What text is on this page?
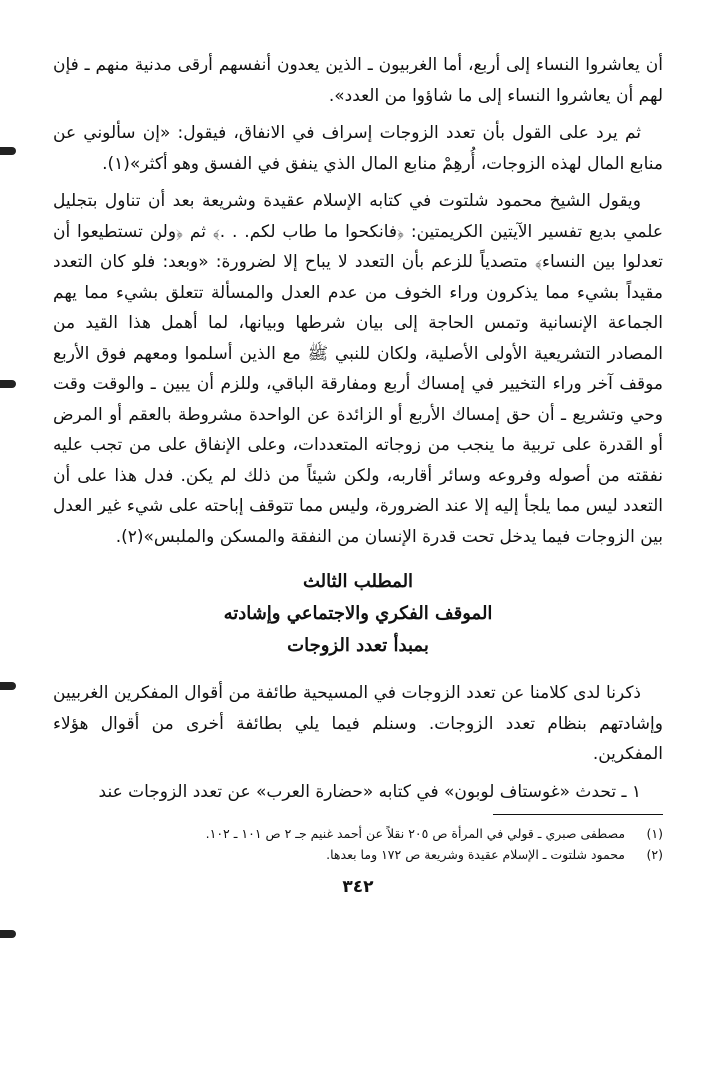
أن يعاشروا النساء إلى أربع، أما الغربيون ـ الذين يعدون أنفسهم أرقى مدنية منهم ـ فإن لهم أن يعاشروا النساء إلى ما شاؤوا من العدد».

ثم يرد على القول بأن تعدد الزوجات إسراف في الانفاق، فيقول: «إن سألوني عن منابع المال لهذه الزوجات، أُرهِمْ منابع المال الذي ينفق في الفسق وهو أكثر»(١).

ويقول الشيخ محمود شلتوت في كتابه الإسلام عقيدة وشريعة بعد أن تناول بتجليل علمي بديع تفسير الآيتين الكريمتين: ﴿فانكحوا ما طاب لكم. . .﴾ ثم ﴿ولن تستطيعوا أن تعدلوا بين النساء﴾ متصدياً للزعم بأن التعدد لا يباح إلا لضرورة: «وبعد: فلو كان التعدد مقيداً بشيء مما يذكرون وراء الخوف من عدم العدل والمسألة تتعلق بشيء مما يهم الجماعة الإنسانية وتمس الحاجة إلى بيان شرطها وبيانها، لما أهمل هذا القيد من المصادر التشريعية الأولى الأصلية، ولكان للنبي ﷺ مع الذين أسلموا ومعهم فوق الأربع موقف آخر وراء التخيير في إمساك أربع ومفارقة الباقي، وللزم أن يبين ـ والوقت وقت وحي وتشريع ـ أن حق إمساك الأربع أو الزائدة عن الواحدة مشروطة بالعقم أو المرض أو القدرة على تربية ما ينجب من زوجاته المتعددات، وعلى الإنفاق على من تجب عليه نفقته من أصوله وفروعه وسائر أقاربه، ولكن شيئاً من ذلك لم يكن. فدل هذا على أن التعدد ليس مما يلجأ إليه إلا عند الضرورة، وليس مما تتوقف إباحته على شيء غير العدل بين الزوجات فيما يدخل تحت قدرة الإنسان من النفقة والمسكن والملبس»(٢).

المطلب الثالث
الموقف الفكري والاجتماعي وإشادته
بمبدأ تعدد الزوجات

ذكرنا لدى كلامنا عن تعدد الزوجات في المسيحية طائفة من أقوال المفكرين الغربيين وإشادتهم بنظام تعدد الزوجات. وسنلم فيما يلي بطائفة أخرى من أقوال هؤلاء المفكرين.

١ ـ تحدث «غوستاف لوبون» في كتابه «حضارة العرب» عن تعدد الزوجات عند

(١) مصطفى صبري ـ قولي في المرأة ص ٢٠٥ نقلاً عن أحمد غنيم جـ ٢ ص ١٠١ ـ ١٠٢.

(٢) محمود شلتوت ـ الإسلام عقيدة وشريعة ص ١٧٢ وما بعدها.

٣٤٢
